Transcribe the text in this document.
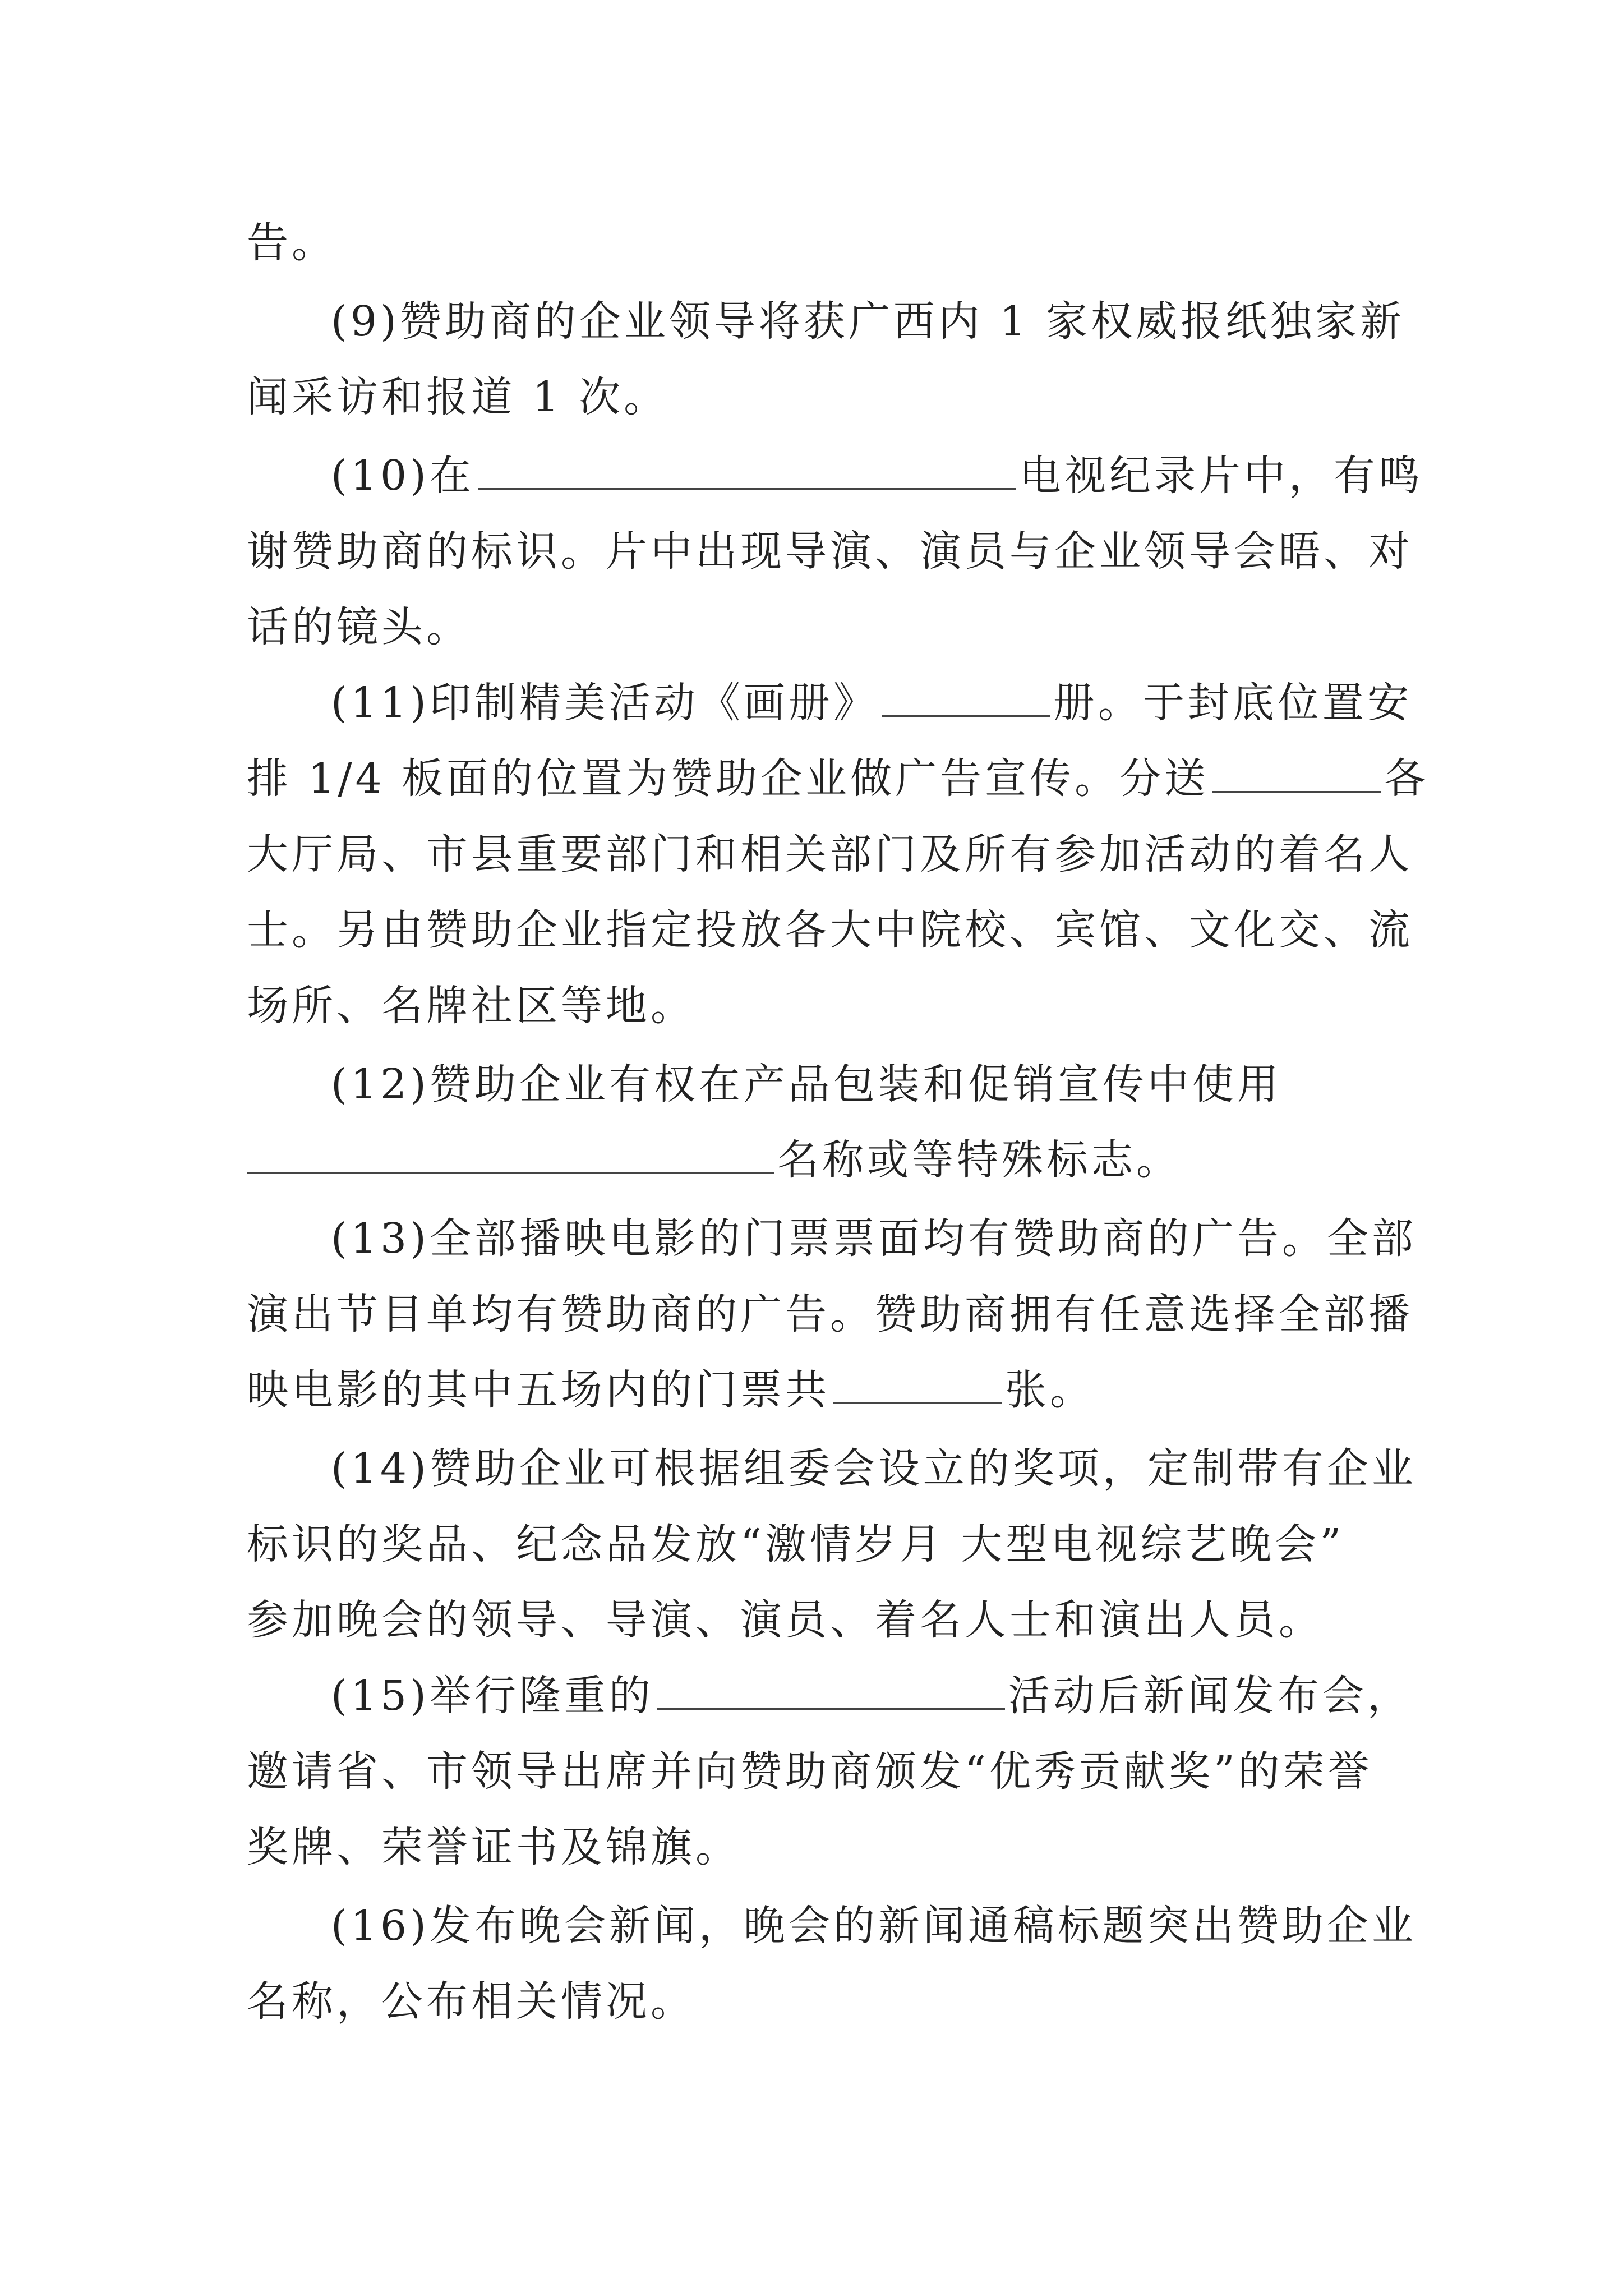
告。
(9)赞助商的企业领导将获广西内 1 家权威报纸独家新
闻采访和报道 1 次。
(10)在	电视纪录片中，有鸣
谢赞助商的标识。片中出现导演、演员与企业领导会晤、对
话的镜头。
(11)印制精美活动《画册》	册。于封底位置安
排 1/4 板面的位置为赞助企业做广告宣传。分送	各
大厅局、市县重要部门和相关部门及所有参加活动的着名人
士。另由赞助企业指定投放各大中院校、宾馆、文化交、流
场所、名牌社区等地。
(12)赞助企业有权在产品包装和促销宣传中使用
名称或等特殊标志。
(13)全部播映电影的门票票面均有赞助商的广告。全部
演出节目单均有赞助商的广告。赞助商拥有任意选择全部播
映电影的其中五场内的门票共	张。
(14)赞助企业可根据组委会设立的奖项，定制带有企业
标识的奖品、纪念品发放“激情岁月 大型电视综艺晚会”
参加晚会的领导、导演、演员、着名人士和演出人员。
(15)举行隆重的	活动后新闻发布会，
邀请省、市领导出席并向赞助商颁发“优秀贡献奖”的荣誉
奖牌、荣誉证书及锦旗。
(16)发布晚会新闻，晚会的新闻通稿标题突出赞助企业
名称，公布相关情况。
